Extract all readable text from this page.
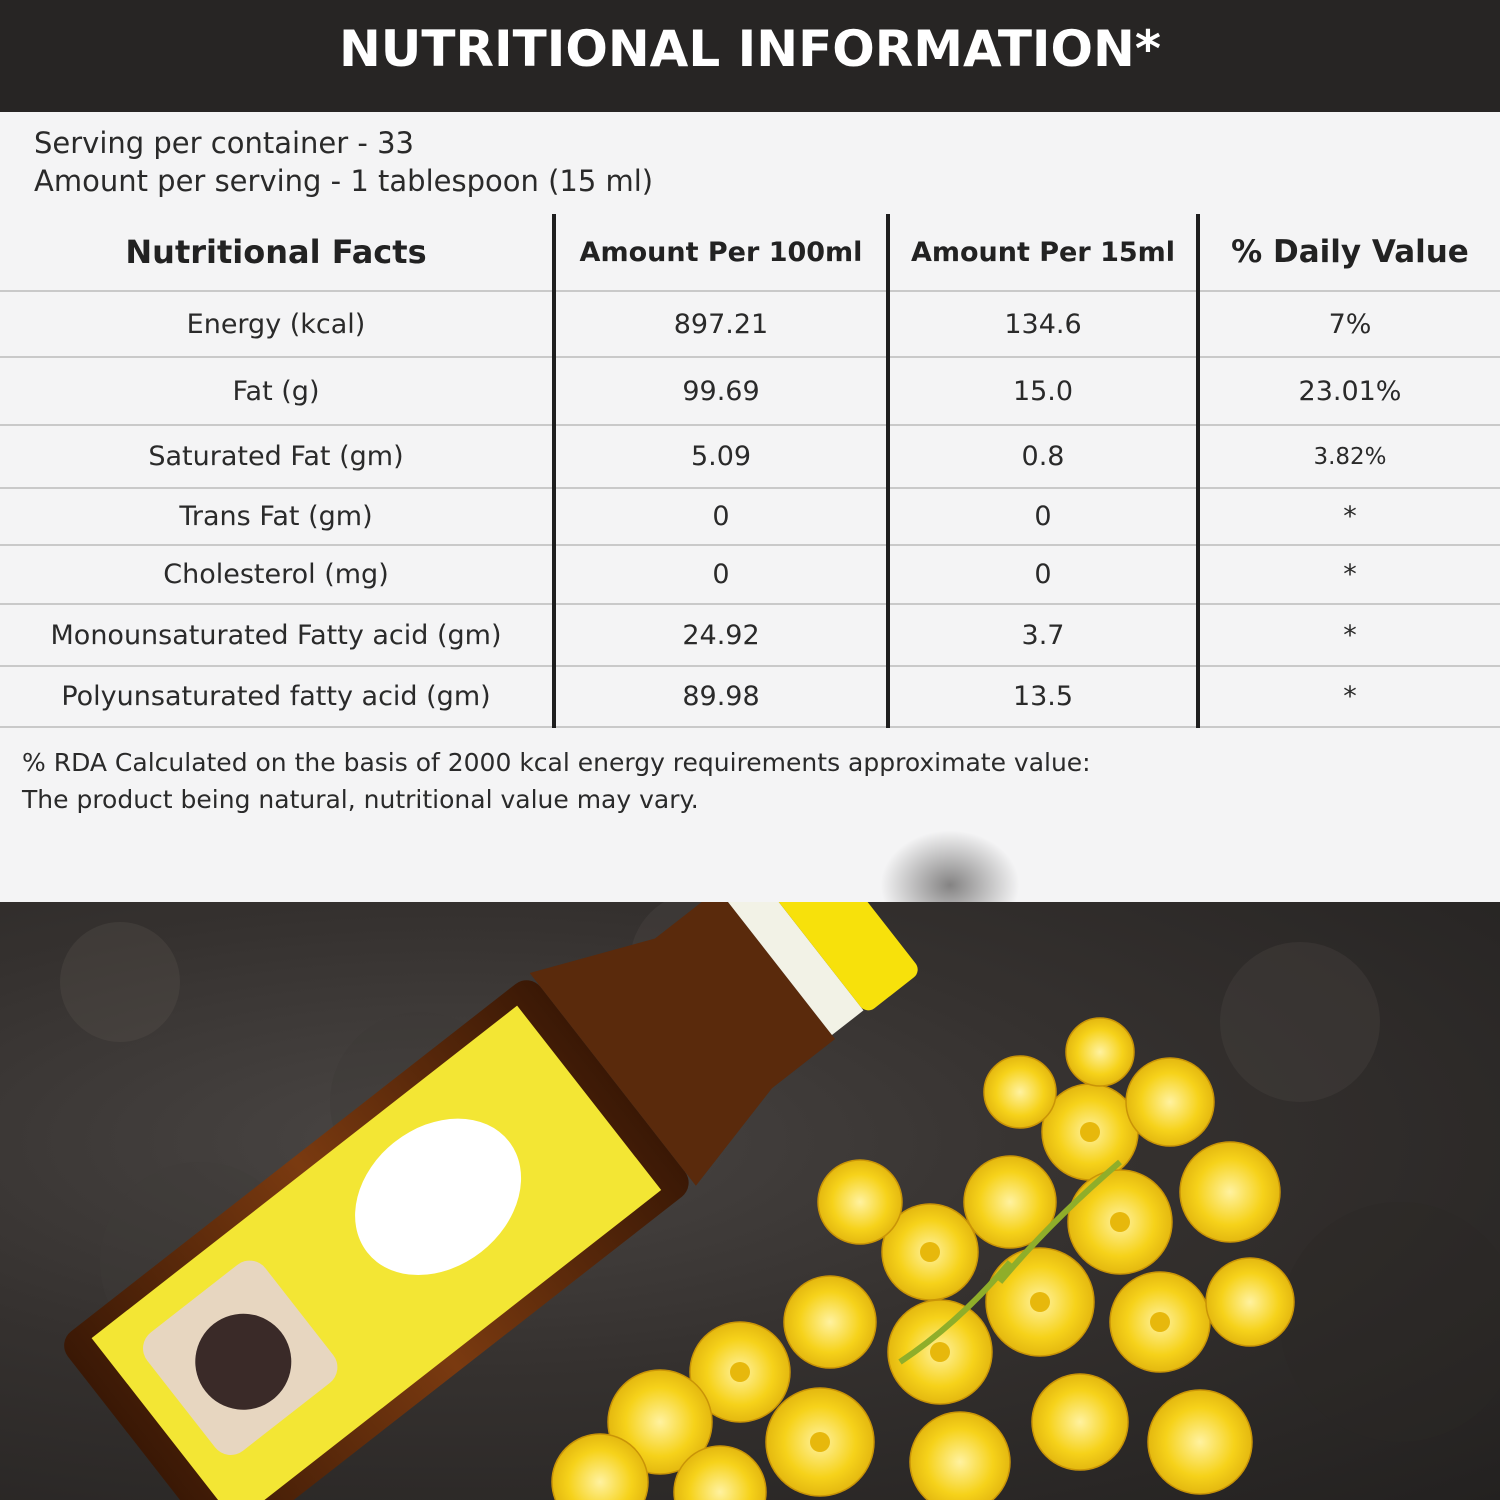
NUTRITIONAL INFORMATION*
Serving per container - 33
Amount per serving - 1 tablespoon (15 ml)
Nutritional Facts	Amount Per 100ml	Amount Per 15ml	% Daily Value
Energy (kcal)	897.21	134.6	7%
Fat (g)	99.69	15.0	23.01%
Saturated Fat (gm)	5.09	0.8	3.82%
Trans Fat (gm)	0	0	*
Cholesterol (mg)	0	0	*
Monounsaturated Fatty acid (gm)	24.92	3.7	*
Polyunsaturated fatty acid (gm)	89.98	13.5	*
% RDA Calculated on the basis of 2000 kcal energy requirements approximate value:
The product being natural, nutritional value may vary.
